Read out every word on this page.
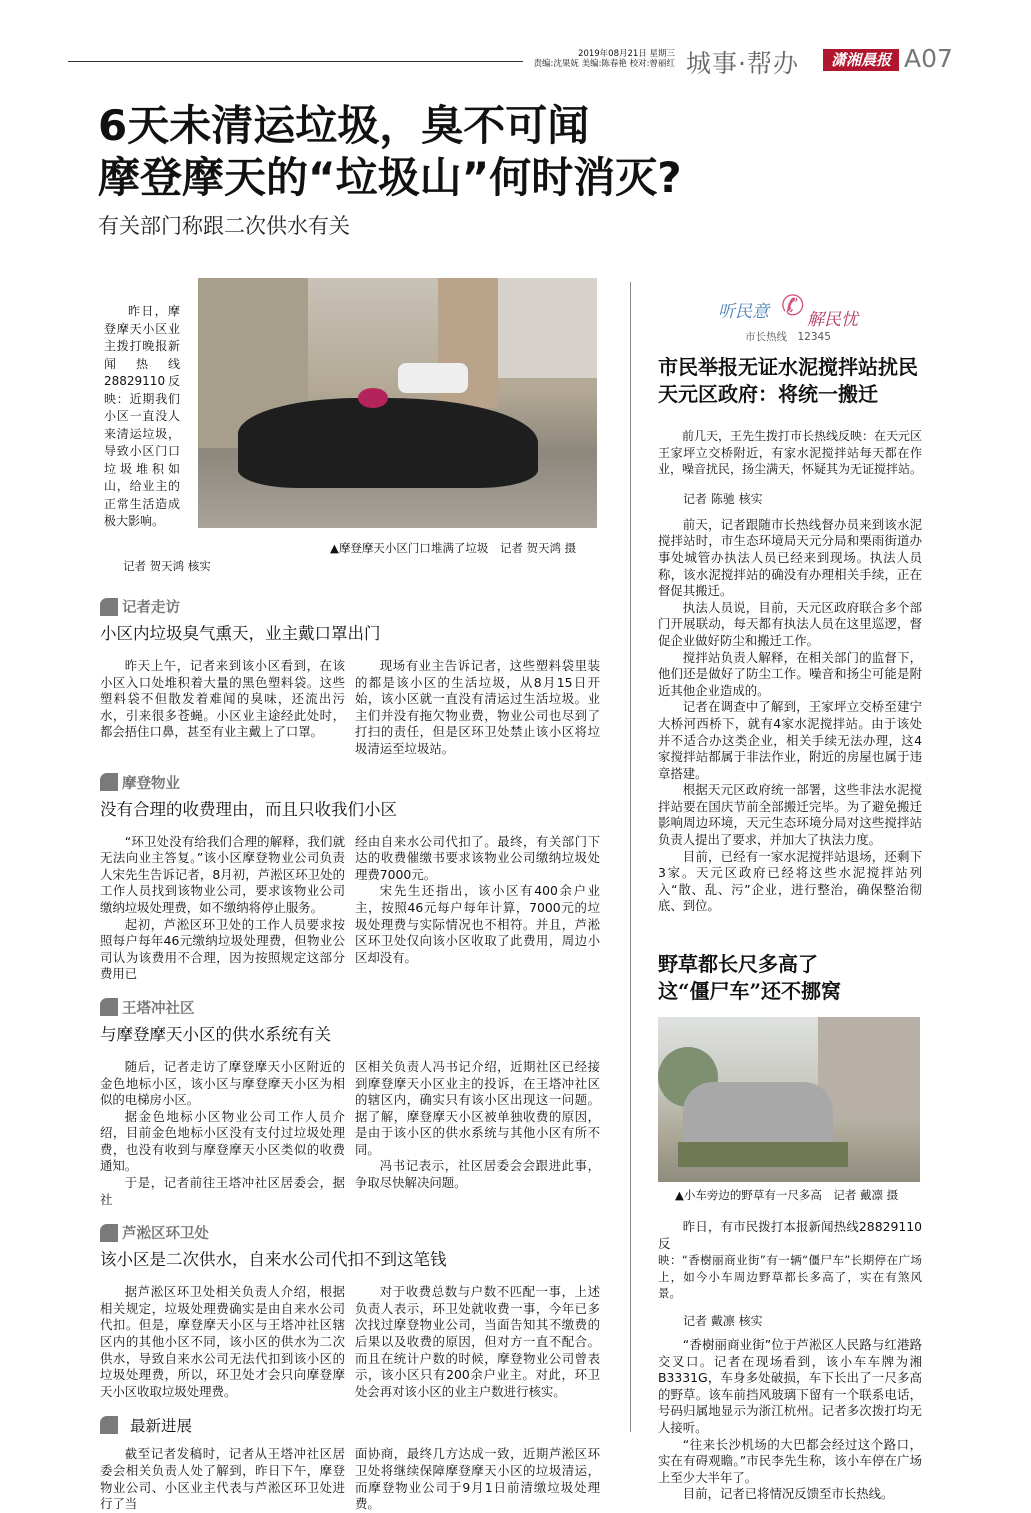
2019年08月21日 星期三
责编:沈果妩 美编:陈春艳 校对:曾丽红 城事·帮办	潇湘晨报 A07
6天未清运垃圾，臭不可闻
摩登摩天的“垃圾山”何时消灭?
有关部门称跟二次供水有关

昨日，摩登摩天小区业主拨打晚报新闻热线28829110反映：近期我们小区一直没人来清运垃圾，导致小区门口垃圾堆积如山，给业主的正常生活造成极大影响。

▲摩登摩天小区门口堆满了垃圾　记者 贺天鸿 摄
记者 贺天鸿 核实
记者走访
小区内垃圾臭气熏天，业主戴口罩出门

昨天上午，记者来到该小区看到，在该小区入口处堆积着大量的黑色塑料袋。这些塑料袋不但散发着难闻的臭味，还流出污水，引来很多苍蝇。小区业主途经此处时，都会捂住口鼻，甚至有业主戴上了口罩。

现场有业主告诉记者，这些塑料袋里装的都是该小区的生活垃圾，从8月15日开始，该小区就一直没有清运过生活垃圾。业主们并没有拖欠物业费，物业公司也尽到了打扫的责任，但是区环卫处禁止该小区将垃圾清运至垃圾站。

摩登物业
没有合理的收费理由，而且只收我们小区

“环卫处没有给我们合理的解释，我们就无法向业主答复。”该小区摩登物业公司负责人宋先生告诉记者，8月初，芦淞区环卫处的工作人员找到该物业公司，要求该物业公司缴纳垃圾处理费，如不缴纳将停止服务。

起初，芦淞区环卫处的工作人员要求按照每户每年46元缴纳垃圾处理费，但物业公司认为该费用不合理，因为按照规定这部分费用已

经由自来水公司代扣了。最终，有关部门下达的收费催缴书要求该物业公司缴纳垃圾处理费7000元。

宋先生还指出，该小区有400余户业主，按照46元每户每年计算，7000元的垃圾处理费与实际情况也不相符。并且，芦淞区环卫处仅向该小区收取了此费用，周边小区却没有。

王塔冲社区
与摩登摩天小区的供水系统有关

随后，记者走访了摩登摩天小区附近的金色地标小区，该小区与摩登摩天小区为相似的电梯房小区。

据金色地标小区物业公司工作人员介绍，目前金色地标小区没有支付过垃圾处理费，也没有收到与摩登摩天小区类似的收费通知。

于是，记者前往王塔冲社区居委会，据社

区相关负责人冯书记介绍，近期社区已经接到摩登摩天小区业主的投诉，在王塔冲社区的辖区内，确实只有该小区出现这一问题。据了解，摩登摩天小区被单独收费的原因，是由于该小区的供水系统与其他小区有所不同。

冯书记表示，社区居委会会跟进此事，争取尽快解决问题。

芦淞区环卫处
该小区是二次供水，自来水公司代扣不到这笔钱

据芦淞区环卫处相关负责人介绍，根据相关规定，垃圾处理费确实是由自来水公司代扣。但是，摩登摩天小区与王塔冲社区辖区内的其他小区不同，该小区的供水为二次供水，导致自来水公司无法代扣到该小区的垃圾处理费，所以，环卫处才会只向摩登摩天小区收取垃圾处理费。

对于收费总数与户数不匹配一事，上述负责人表示，环卫处就收费一事，今年已多次找过摩登物业公司，当面告知其不缴费的后果以及收费的原因，但对方一直不配合。而且在统计户数的时候，摩登物业公司曾表示，该小区只有200余户业主。对此，环卫处会再对该小区的业主户数进行核实。

最新进展

截至记者发稿时，记者从王塔冲社区居委会相关负责人处了解到，昨日下午，摩登物业公司、小区业主代表与芦淞区环卫处进行了当

面协商，最终几方达成一致，近期芦淞区环卫处将继续保障摩登摩天小区的垃圾清运，而摩登物业公司于9月1日前清缴垃圾处理费。

听民意 ✆ 解民忧
市长热线　12345
市民举报无证水泥搅拌站扰民
天元区政府：将统一搬迁

前几天，王先生拨打市长热线反映：在天元区王家坪立交桥附近，有家水泥搅拌站每天都在作业，噪音扰民，扬尘满天，怀疑其为无证搅拌站。

记者 陈驰 核实

前天，记者跟随市长热线督办员来到该水泥搅拌站时，市生态环境局天元分局和栗雨街道办事处城管办执法人员已经来到现场。执法人员称，该水泥搅拌站的确没有办理相关手续，正在督促其搬迁。

执法人员说，目前，天元区政府联合多个部门开展联动，每天都有执法人员在这里巡逻，督促企业做好防尘和搬迁工作。

搅拌站负责人解释，在相关部门的监督下，他们还是做好了防尘工作。噪音和扬尘可能是附近其他企业造成的。

记者在调查中了解到，王家坪立交桥至建宁大桥河西桥下，就有4家水泥搅拌站。由于该处并不适合办这类企业，相关手续无法办理，这4家搅拌站都属于非法作业，附近的房屋也属于违章搭建。

根据天元区政府统一部署，这些非法水泥搅拌站要在国庆节前全部搬迁完毕。为了避免搬迁影响周边环境，天元生态环境分局对这些搅拌站负责人提出了要求，并加大了执法力度。

目前，已经有一家水泥搅拌站退场，还剩下3家。天元区政府已经将这些水泥搅拌站列入“散、乱、污”企业，进行整治，确保整治彻底、到位。

野草都长尺多高了
这“僵尸车”还不挪窝
▲小车旁边的野草有一尺多高　记者 戴凛 摄

昨日，有市民拨打本报新闻热线28829110反

映：“香樹丽商业街”有一辆“僵尸车”长期停在广场上，如今小车周边野草都长多高了，实在有煞风景。
记者 戴凛 核实

“香樹丽商业街”位于芦淞区人民路与红港路交叉口。记者在现场看到，该小车车牌为湘B3331G，车身多处破损，车下长出了一尺多高的野草。该车前挡风玻璃下留有一个联系电话，号码归属地显示为浙江杭州。记者多次拨打均无人接听。

“往来长沙机场的大巴都会经过这个路口，实在有碍观瞻。”市民李先生称，该小车停在广场上至少大半年了。

目前，记者已将情况反馈至市长热线。
